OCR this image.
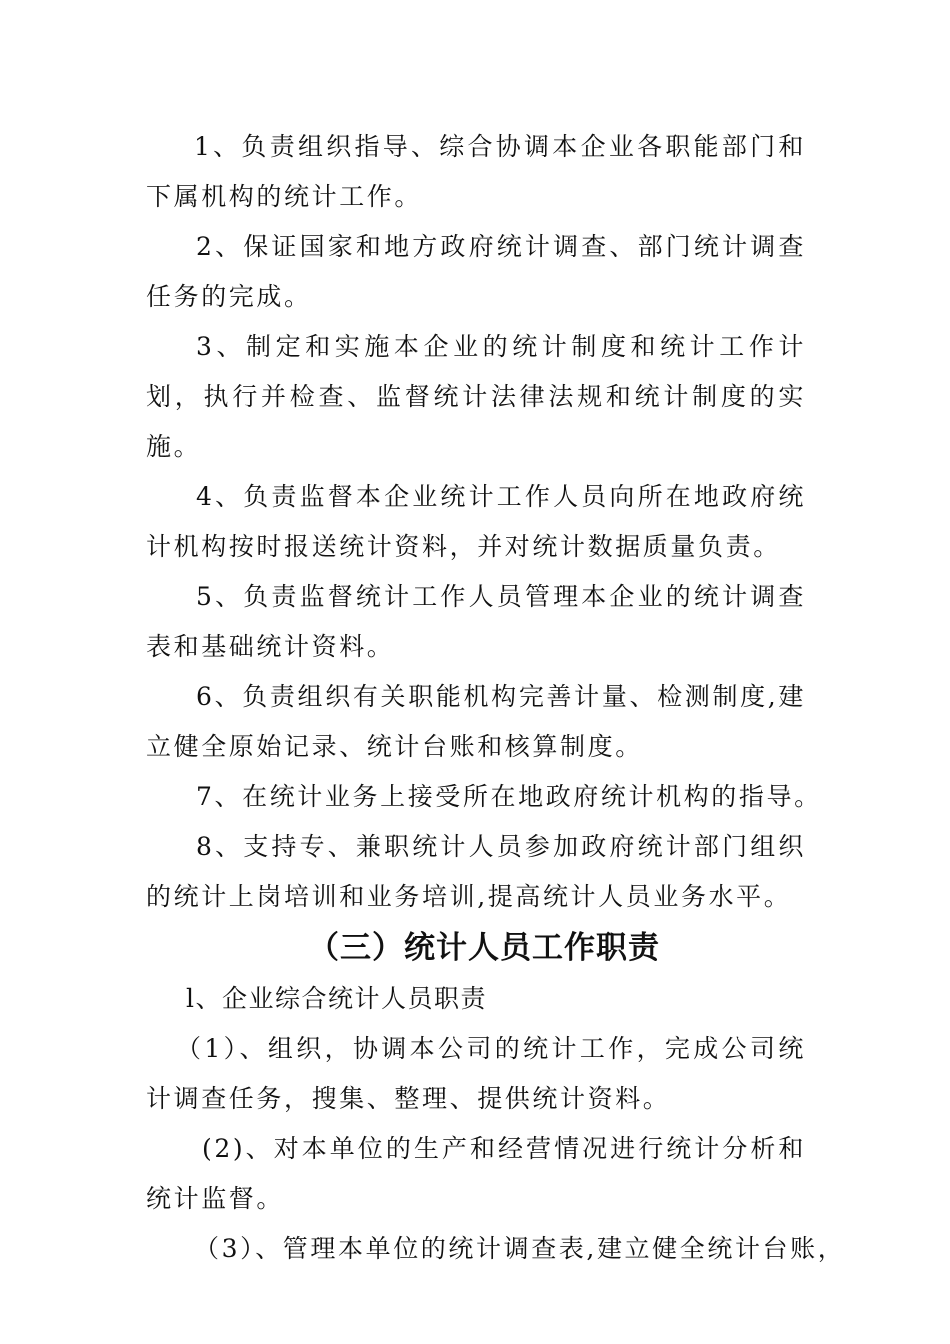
1、负责组织指导、综合协调本企业各职能部门和下属机构的统计工作。

2、保证国家和地方政府统计调查、部门统计调查任务的完成。

3、制定和实施本企业的统计制度和统计工作计划，执行并检查、监督统计法律法规和统计制度的实施。

4、负责监督本企业统计工作人员向所在地政府统计机构按时报送统计资料，并对统计数据质量负责。

5、负责监督统计工作人员管理本企业的统计调查表和基础统计资料。

6、负责组织有关职能机构完善计量、检测制度,建立健全原始记录、统计台账和核算制度。

7、在统计业务上接受所在地政府统计机构的指导。

8、支持专、兼职统计人员参加政府统计部门组织的统计上岗培训和业务培训,提高统计人员业务水平。

（三）统计人员工作职责

l、企业综合统计人员职责

（1）、组织，协调本公司的统计工作，完成公司统计调查任务，搜集、整理、提供统计资料。

(2)、对本单位的生产和经营情况进行统计分析和统计监督。

（3）、管理本单位的统计调查表,建立健全统计台账，
